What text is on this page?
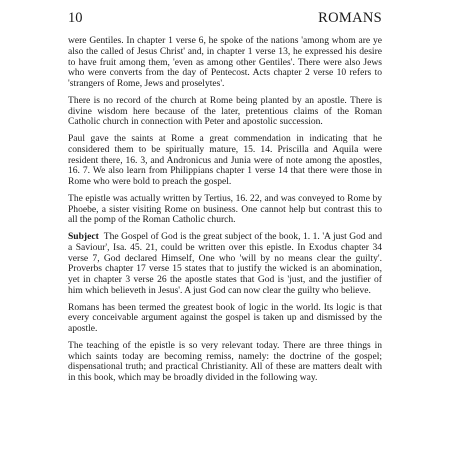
10	ROMANS

were Gentiles. In chapter 1 verse 6, he spoke of the nations 'among whom are ye also the called of Jesus Christ' and, in chapter 1 verse 13, he expressed his desire to have fruit among them, 'even as among other Gentiles'. There were also Jews who were converts from the day of Pentecost. Acts chapter 2 verse 10 refers to 'strangers of Rome, Jews and proselytes'.

There is no record of the church at Rome being planted by an apostle. There is divine wisdom here because of the later, pretentious claims of the Roman Catholic church in connection with Peter and apostolic succession.

Paul gave the saints at Rome a great commendation in indicating that he considered them to be spiritually mature, 15. 14. Priscilla and Aquila were resident there, 16. 3, and Andronicus and Junia were of note among the apostles, 16. 7. We also learn from Philippians chapter 1 verse 14 that there were those in Rome who were bold to preach the gospel.

The epistle was actually written by Tertius, 16. 22, and was conveyed to Rome by Phoebe, a sister visiting Rome on business. One cannot help but contrast this to all the pomp of the Roman Catholic church.

Subject The Gospel of God is the great subject of the book, 1. 1. 'A just God and a Saviour', Isa. 45. 21, could be written over this epistle. In Exodus chapter 34 verse 7, God declared Himself, One who 'will by no means clear the guilty'. Proverbs chapter 17 verse 15 states that to justify the wicked is an abomination, yet in chapter 3 verse 26 the apostle states that God is 'just, and the justifier of him which believeth in Jesus'. A just God can now clear the guilty who believe.

Romans has been termed the greatest book of logic in the world. Its logic is that every conceivable argument against the gospel is taken up and dismissed by the apostle.

The teaching of the epistle is so very relevant today. There are three things in which saints today are becoming remiss, namely: the doctrine of the gospel; dispensational truth; and practical Christianity. All of these are matters dealt with in this book, which may be broadly divided in the following way.
